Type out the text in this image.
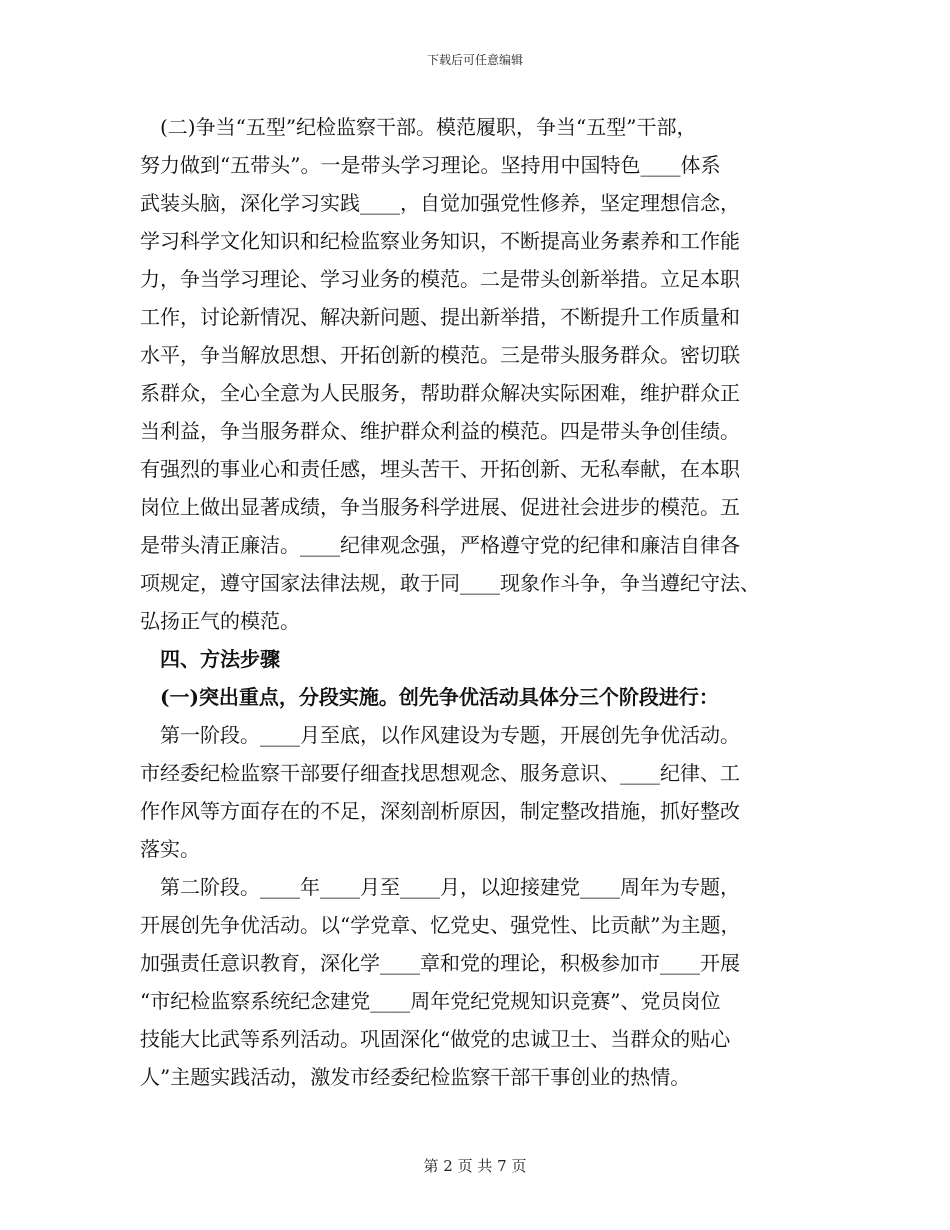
下载后可任意编辑
　(二)争当“五型”纪检监察干部。模范履职，争当“五型”干部，
努力做到“五带头”。一是带头学习理论。坚持用中国特色____体系
武装头脑，深化学习实践____，自觉加强党性修养，坚定理想信念，
学习科学文化知识和纪检监察业务知识，不断提高业务素养和工作能
力，争当学习理论、学习业务的模范。二是带头创新举措。立足本职
工作，讨论新情况、解决新问题、提出新举措，不断提升工作质量和
水平，争当解放思想、开拓创新的模范。三是带头服务群众。密切联
系群众，全心全意为人民服务，帮助群众解决实际困难，维护群众正
当利益，争当服务群众、维护群众利益的模范。四是带头争创佳绩。
有强烈的事业心和责任感，埋头苦干、开拓创新、无私奉献，在本职
岗位上做出显著成绩，争当服务科学进展、促进社会进步的模范。五
是带头清正廉洁。____纪律观念强，严格遵守党的纪律和廉洁自律各
项规定，遵守国家法律法规，敢于同____现象作斗争，争当遵纪守法、
弘扬正气的模范。
　四、方法步骤
　(一)突出重点，分段实施。创先争优活动具体分三个阶段进行：
　第一阶段。____月至底，以作风建设为专题，开展创先争优活动。
市经委纪检监察干部要仔细查找思想观念、服务意识、____纪律、工
作作风等方面存在的不足，深刻剖析原因，制定整改措施，抓好整改
落实。
　第二阶段。____年____月至____月，以迎接建党____周年为专题，
开展创先争优活动。以“学党章、忆党史、强党性、比贡献”为主题，
加强责任意识教育，深化学____章和党的理论，积极参加市____开展
“市纪检监察系统纪念建党____周年党纪党规知识竞赛”、党员岗位
技能大比武等系列活动。巩固深化“做党的忠诚卫士、当群众的贴心
人”主题实践活动，激发市经委纪检监察干部干事创业的热情。
第 2 页 共 7 页
